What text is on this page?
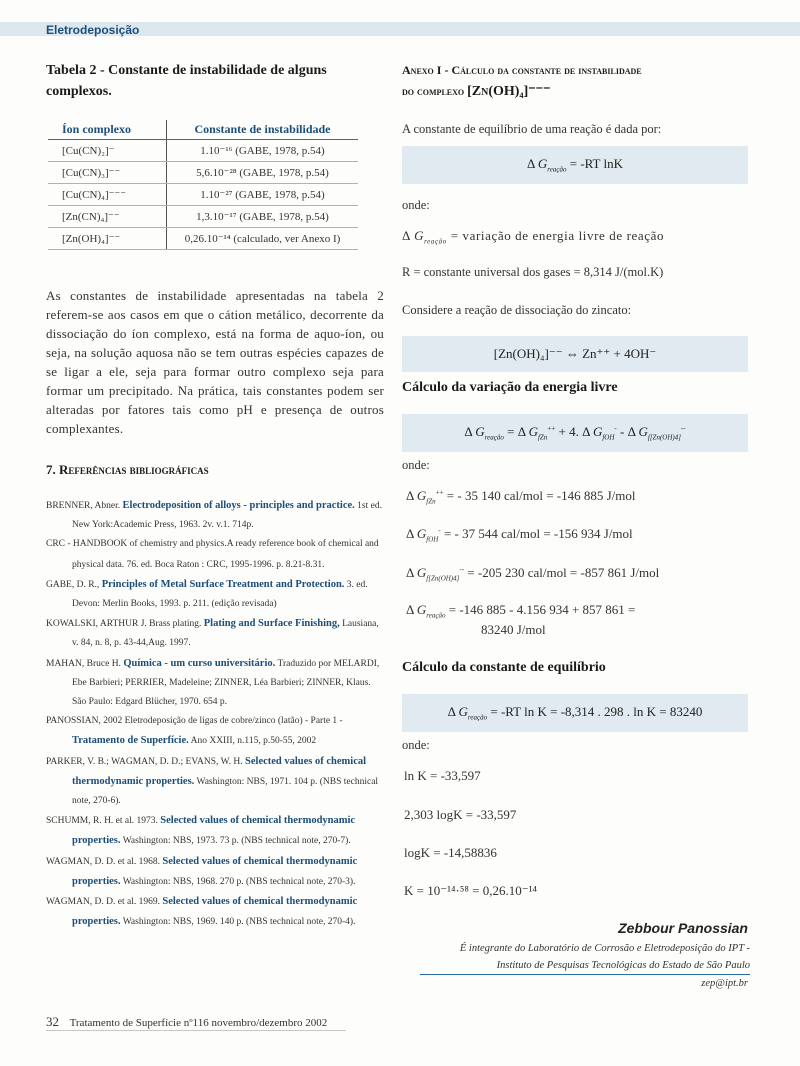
Eletrodeposição
Tabela 2 - Constante de instabilidade de alguns complexos.
Íon complexo	Constante de instabilidade
[Cu(CN)₂]⁻	1.10⁻¹⁶ (GABE, 1978, p.54)
[Cu(CN)₃]⁻⁻	5,6.10⁻²⁸ (GABE, 1978, p.54)
[Cu(CN)₄]⁻⁻⁻	1.10⁻²⁷ (GABE, 1978, p.54)
[Zn(CN)₄]⁻⁻	1,3.10⁻¹⁷ (GABE, 1978, p.54)
[Zn(OH)₄]⁻⁻	0,26.10⁻¹⁴ (calculado, ver Anexo I)
As constantes de instabilidade apresentadas na tabela 2 referem-se aos casos em que o cátion metálico, decorrente da dissociação do íon complexo, está na forma de aquo-íon, ou seja, na solução aquosa não se tem outras espécies capazes de se ligar a ele, seja para formar outro complexo seja para formar um precipitado. Na prática, tais constantes podem ser alteradas por fatores tais como pH e presença de outros complexantes.
7. Referências bibliográficas
BRENNER, Abner. Electrodeposition of alloys - principles and practice. 1st ed. New York:Academic Press, 1963. 2v. v.1. 714p.
CRC - HANDBOOK of chemistry and physics.A ready reference book of chemical and physical data. 76. ed. Boca Raton : CRC, 1995-1996. p. 8.21-8.31.
GABE, D. R., Principles of Metal Surface Treatment and Protection. 3. ed. Devon: Merlin Books, 1993. p. 211. (edição revisada)
KOWALSKI, ARTHUR J. Brass plating. Plating and Surface Finishing, Lausiana, v. 84, n. 8, p. 43-44,Aug. 1997.
MAHAN, Bruce H. Química - um curso universitário. Traduzido por MELARDI, Ebe Barbieri; PERRIER, Madeleine; ZINNER, Léa Barbieri; ZINNER, Klaus. São Paulo: Edgard Blücher, 1970. 654 p.
PANOSSIAN, 2002 Eletrodeposição de ligas de cobre/zinco (latão) - Parte 1 - Tratamento de Superfície. Ano XXIII, n.115, p.50-55, 2002
PARKER, V. B.; WAGMAN, D. D.; EVANS, W. H. Selected values of chemical thermodynamic properties. Washington: NBS, 1971. 104 p. (NBS technical note, 270-6).
SCHUMM, R. H. et al. 1973. Selected values of chemical thermodynamic properties. Washington: NBS, 1973. 73 p. (NBS technical note, 270-7).
WAGMAN, D. D. et al. 1968. Selected values of chemical thermodynamic properties. Washington: NBS, 1968. 270 p. (NBS technical note, 270-3).
WAGMAN, D. D. et al. 1969. Selected values of chemical thermodynamic properties. Washington: NBS, 1969. 140 p. (NBS technical note, 270-4).
Anexo I - Cálculo da constante de instabilidade
do complexo [Zn(OH)₄]⁻⁻⁻
A constante de equilíbrio de uma reação é dada por:
Δ $G_{reação} = -RT$ lnK
onde:
Δ $G_{reação}$ = variação de energia livre de reação
R = constante universal dos gases = 8,314 J/(mol.K)
Considere a reação de dissociação do zincato:
[Zn(OH)₄]⁻⁻ ⇔ Zn⁺⁺ + 4OH⁻
Cálculo da variação da energia livre
Δ $G_{reação} = \Delta$ $G_{fZn}^{++} + 4$. Δ $G_{fOH}^-$ - Δ $G_{f[Zn(OH)4]}^{--}$
onde:
Δ $G_{fZn}^{++}$ = - 35 140 cal/mol = -146 885 J/mol
Δ $G_{fOH}^-$ = - 37 544 cal/mol = -156 934 J/mol
Δ $G_{f[Zn(OH)4]}^{--} = -205$ 230 cal/mol = -857 861 J/mol
Δ $G_{reação} = -146$ 885 - 4.156 934 + 857 861 =
83240 J/mol
Cálculo da constante de equilíbrio
Δ $G_{reação} = -RT$ ln K = -8,314 . 298 . ln K = 83240
onde:
ln K = -33,597
2,303 logK = -33,597
logK = -14,58836
K = 10⁻¹⁴·⁵⁸ = 0,26.10⁻¹⁴
Zebbour Panossian
É integrante do Laboratório de Corrosão e Eletrodeposição do IPT -
Instituto de Pesquisas Tecnológicas do Estado de São Paulo
zep@ipt.br
32 Tratamento de Superfície nº116 novembro/dezembro 2002
